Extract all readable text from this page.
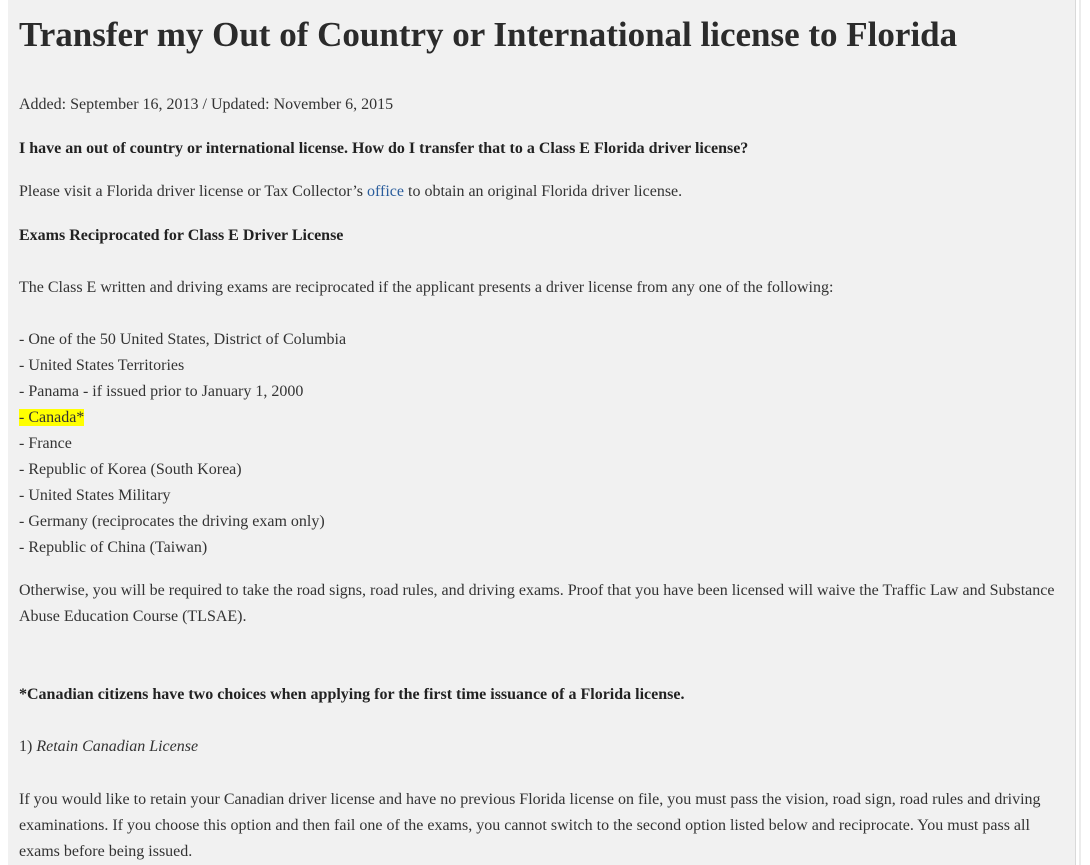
Transfer my Out of Country or International license to Florida
Added: September 16, 2013 / Updated: November 6, 2015
I have an out of country or international license. How do I transfer that to a Class E Florida driver license?
Please visit a Florida driver license or Tax Collector’s office to obtain an original Florida driver license.
Exams Reciprocated for Class E Driver License
The Class E written and driving exams are reciprocated if the applicant presents a driver license from any one of the following:
- One of the 50 United States, District of Columbia
- United States Territories
- Panama - if issued prior to January 1, 2000
- Canada*
- France
- Republic of Korea (South Korea)
- United States Military
- Germany (reciprocates the driving exam only)
- Republic of China (Taiwan)
Otherwise, you will be required to take the road signs, road rules, and driving exams. Proof that you have been licensed will waive the Traffic Law and Substance Abuse Education Course (TLSAE).
*Canadian citizens have two choices when applying for the first time issuance of a Florida license.
1) Retain Canadian License
If you would like to retain your Canadian driver license and have no previous Florida license on file, you must pass the vision, road sign, road rules and driving examinations. If you choose this option and then fail one of the exams, you cannot switch to the second option listed below and reciprocate. You must pass all exams before being issued.
